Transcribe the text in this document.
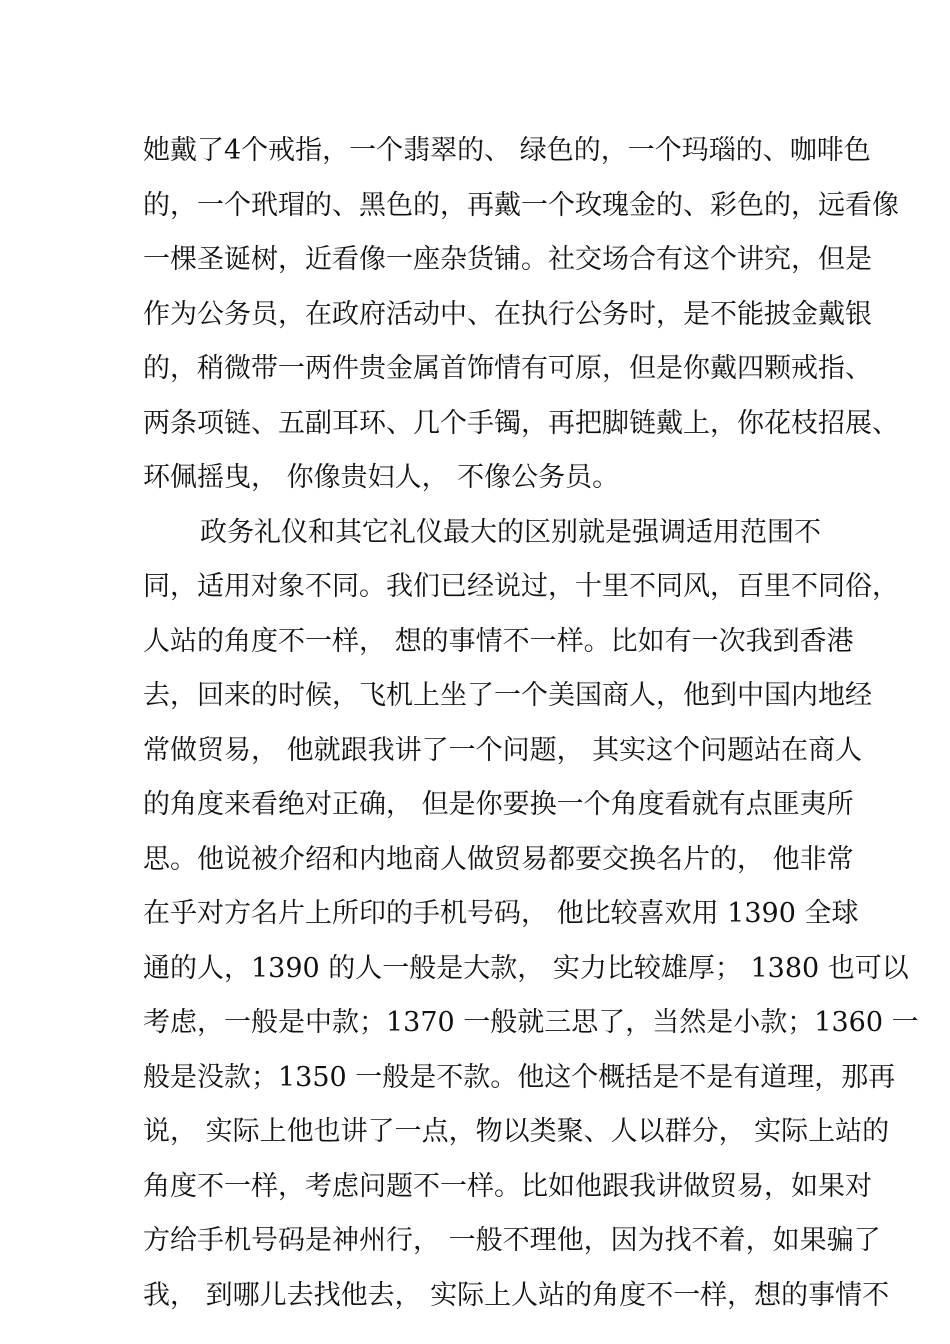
她戴了4个戒指，一个翡翠的、 绿色的，一个玛瑙的、咖啡色
的，一个玳瑁的、黑色的，再戴一个玫瑰金的、彩色的，远看像
一棵圣诞树，近看像一座杂货铺。社交场合有这个讲究，但是
作为公务员，在政府活动中、在执行公务时，是不能披金戴银
的，稍微带一两件贵金属首饰情有可原，但是你戴四颗戒指、
两条项链、五副耳环、几个手镯，再把脚链戴上，你花枝招展、
环佩摇曳， 你像贵妇人， 不像公务员。
政务礼仪和其它礼仪最大的区别就是强调适用范围不
同，适用对象不同。我们已经说过，十里不同风，百里不同俗，
人站的角度不一样， 想的事情不一样。比如有一次我到香港
去，回来的时候，飞机上坐了一个美国商人，他到中国内地经
常做贸易， 他就跟我讲了一个问题， 其实这个问题站在商人
的角度来看绝对正确， 但是你要换一个角度看就有点匪夷所
思。他说被介绍和内地商人做贸易都要交换名片的， 他非常
在乎对方名片上所印的手机号码， 他比较喜欢用 1390 全球
通的人，1390 的人一般是大款， 实力比较雄厚； 1380 也可以
考虑，一般是中款；1370 一般就三思了，当然是小款；1360 一
般是没款；1350 一般是不款。他这个概括是不是有道理，那再
说， 实际上他也讲了一点，物以类聚、人以群分， 实际上站的
角度不一样，考虑问题不一样。比如他跟我讲做贸易，如果对
方给手机号码是神州行， 一般不理他，因为找不着，如果骗了
我， 到哪儿去找他去， 实际上人站的角度不一样，想的事情不
